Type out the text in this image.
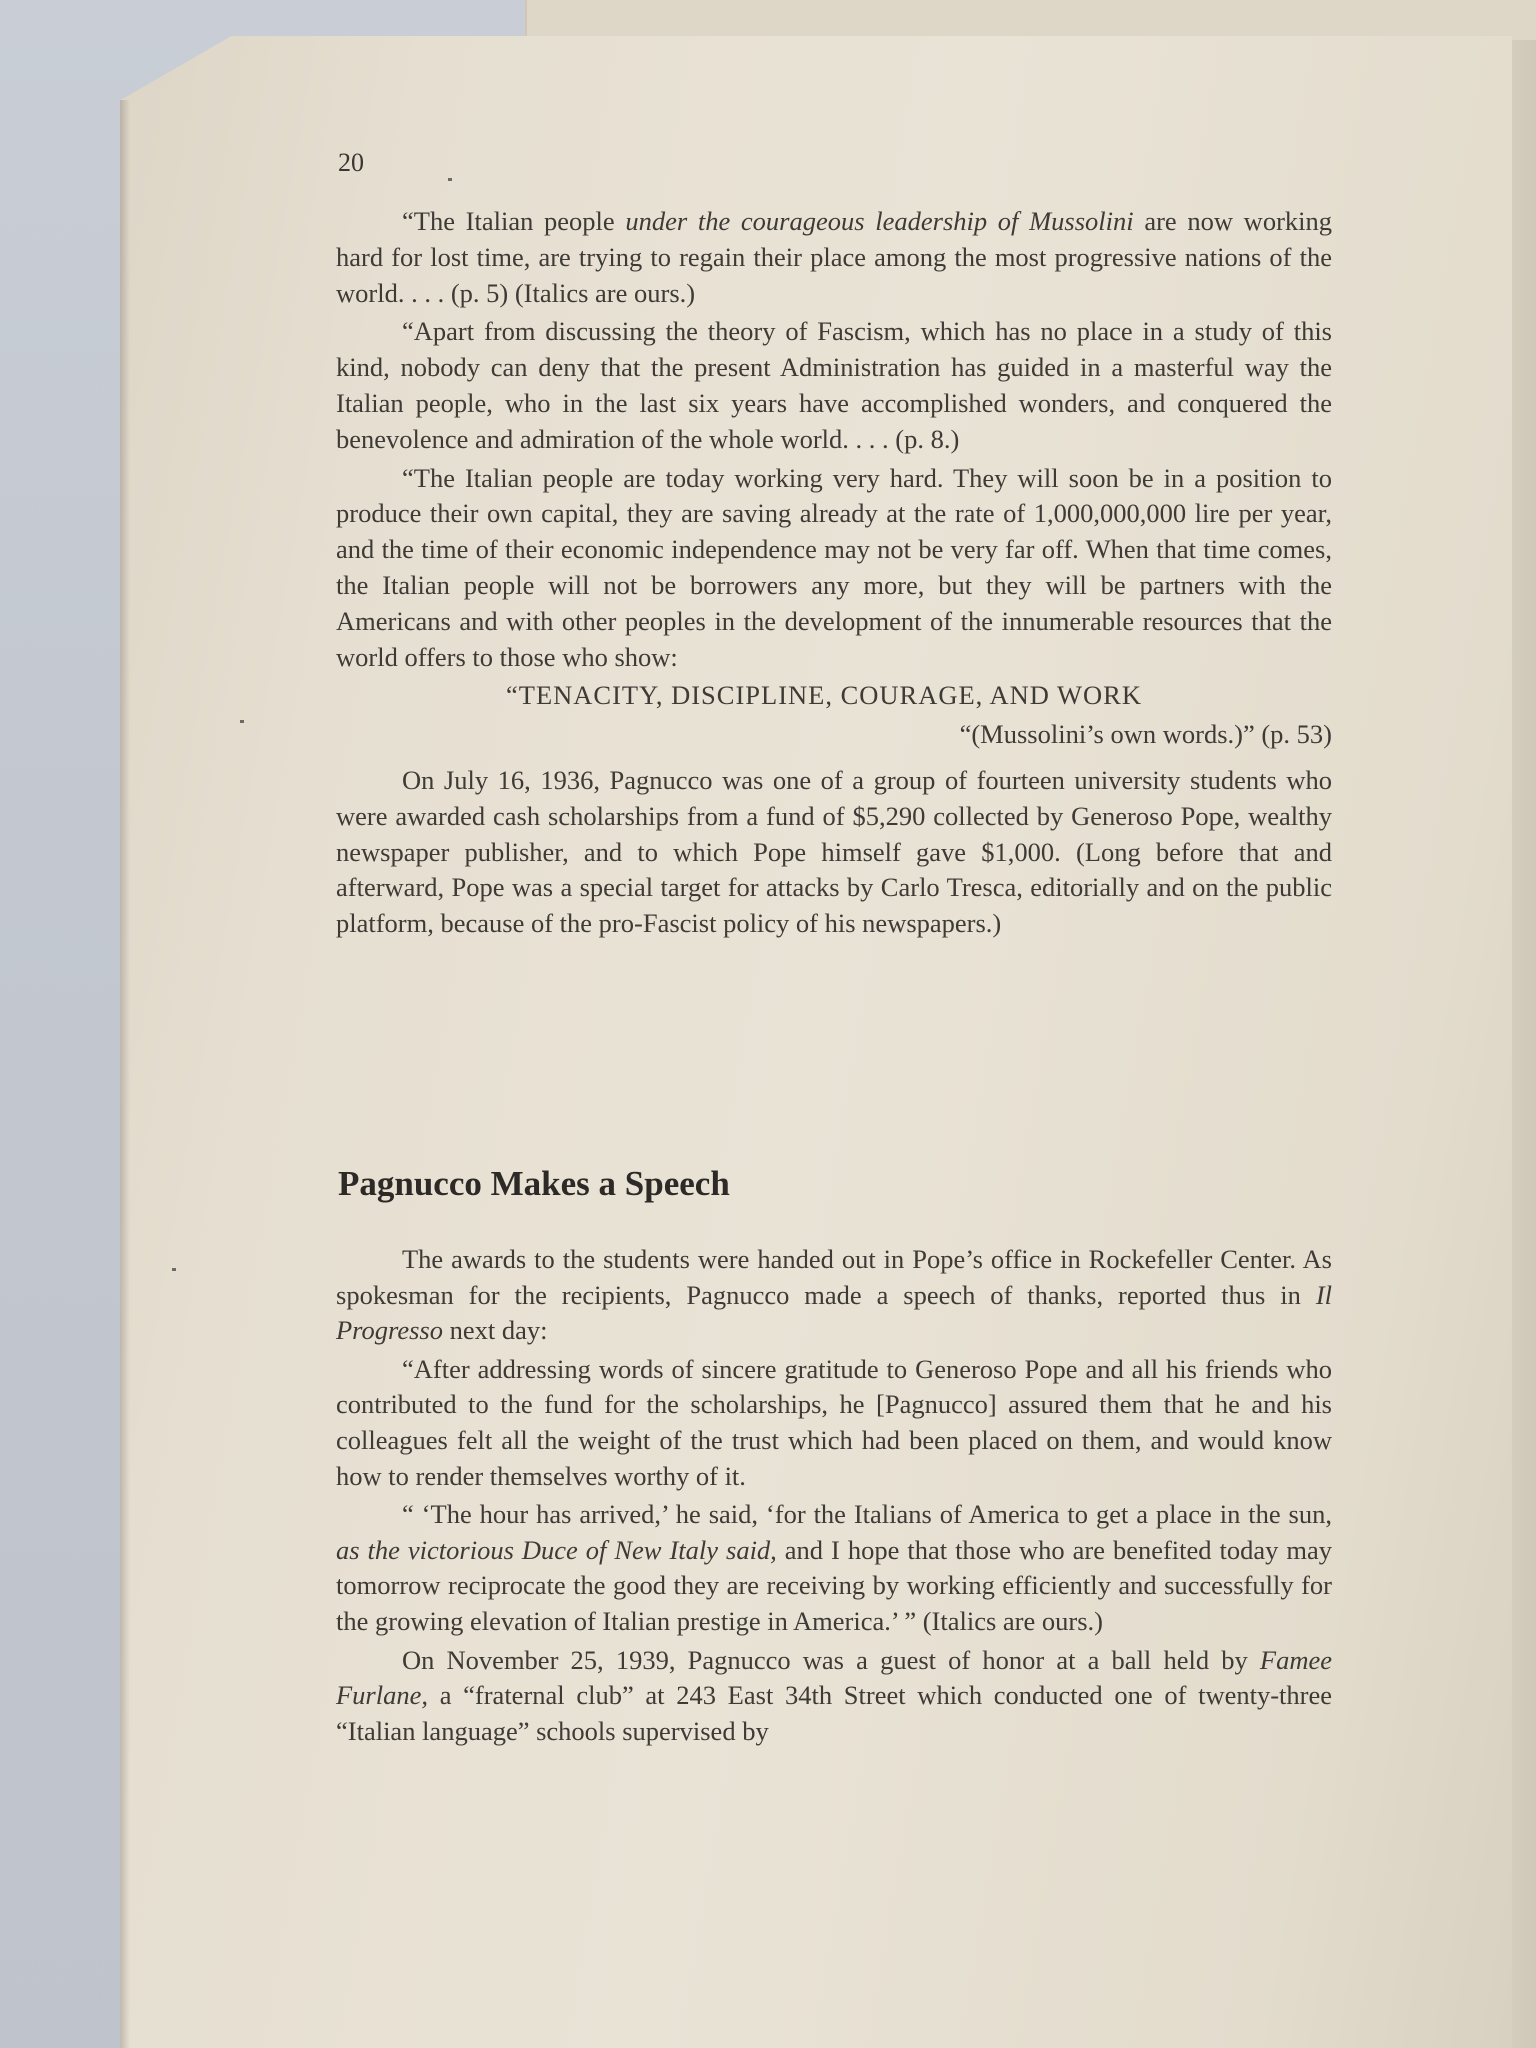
20

“The Italian people under the courageous leadership of Mussolini are now working hard for lost time, are trying to regain their place among the most progressive nations of the world. . . . (p. 5) (Italics are ours.)

“Apart from discussing the theory of Fascism, which has no place in a study of this kind, nobody can deny that the present Administration has guided in a masterful way the Italian people, who in the last six years have accomplished wonders, and conquered the benevolence and admiration of the whole world. . . . (p. 8.)

“The Italian people are today working very hard. They will soon be in a position to produce their own capital, they are saving already at the rate of 1,000,000,000 lire per year, and the time of their economic independence may not be very far off. When that time comes, the Italian people will not be borrowers any more, but they will be partners with the Americans and with other peoples in the development of the innumerable resources that the world offers to those who show:

“TENACITY, DISCIPLINE, COURAGE, AND WORK

“(Mussolini’s own words.)” (p. 53)

On July 16, 1936, Pagnucco was one of a group of fourteen university students who were awarded cash scholarships from a fund of $5,290 collected by Generoso Pope, wealthy newspaper publisher, and to which Pope himself gave $1,000. (Long before that and afterward, Pope was a special target for attacks by Carlo Tresca, editorially and on the public platform, because of the pro-Fascist policy of his newspapers.)

Pagnucco Makes a Speech

The awards to the students were handed out in Pope’s office in Rockefeller Center. As spokesman for the recipients, Pagnucco made a speech of thanks, reported thus in Il Progresso next day:

“After addressing words of sincere gratitude to Generoso Pope and all his friends who contributed to the fund for the scholarships, he [Pagnucco] assured them that he and his colleagues felt all the weight of the trust which had been placed on them, and would know how to render themselves worthy of it.

“ ‘The hour has arrived,’ he said, ‘for the Italians of America to get a place in the sun, as the victorious Duce of New Italy said, and I hope that those who are benefited today may tomorrow reciprocate the good they are receiving by working efficiently and successfully for the growing elevation of Italian prestige in America.’ ” (Italics are ours.)

On November 25, 1939, Pagnucco was a guest of honor at a ball held by Famee Furlane, a “fraternal club” at 243 East 34th Street which conducted one of twenty-three “Italian language” schools supervised by
